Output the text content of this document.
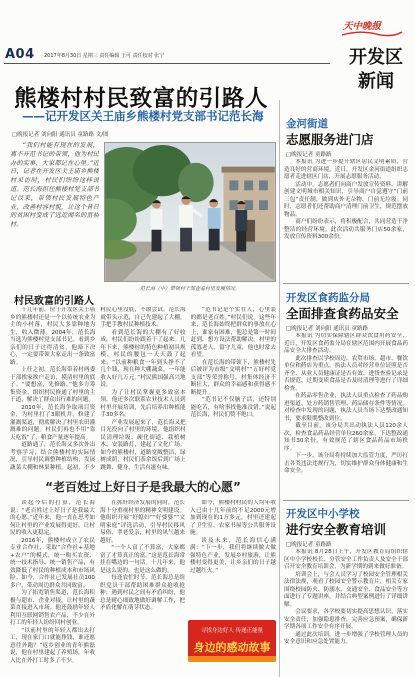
A04 2017年8月30日 星期三 责任编辑 王可 责任校对 张宁
天中晚报
开发区
新闻
熊楼村村民致富的引路人
——记开发区关王庙乡熊楼村党支部书记范长海
□晚报记者 刘向阳 通讯员 童路路 文/图

“我们村能有现在的发展，离不开范书记的带领，他为村民办的实事，大家都记在心里。”近日，记者在开发区关王庙乡熊楼村采访时，村民们纷纷这样说道。范长海担任熊楼村党支部书记以来，带领村民发展特色产业，改善村容村貌，让这个昔日的贫困村变成了远近闻名的富裕村。

范长海（中）带领村干部查看村里发展情况。
村民致富的引路人

十几年前，位于开发区关王庙乡的熊楼村还是一个以传统农业为主的小村落，村民大多靠种地为生，收入微薄。2004年，范长海当选为熊楼村党支部书记。看到乡亲们的日子过得清贫，他暗下决心，一定要带领大家走出一条致富路。

上任之初，范长海带着村两委干部挨家挨户走访，摸清村里的底子。“要想富，先修路。”他多方筹集资金，组织村民修通了村里的主干道，解决了群众出行难的问题。

2010年，范长海争取项目资金，为村里打了3眼机井，修建了灌溉渠道，彻底解决了村里农田灌溉难的问题。村民们再也不用“靠天吃饭”了，粮食产量逐年提高。

道路通了，范长海又多次外出考察学习，结合熊楼村的实际情况，引导村民调整种植结构，发展蔬菜大棚和林果种植。起初，不少村民心里没底，不敢尝试。范长海就带头示范，自己先建起了大棚，手把手教村民种植技术。

看到范长海的大棚有了好收成，村民们纷纷跟着干了起来。几年下来，熊楼村的特色种植初具规模，村民的腰包一天天鼓了起来。“以前种粮食一年到头挣不了几个钱，现在种大棚蔬菜，一年能收入好几万元。”村民熊国强高兴地说。

为了让村民掌握更多致富本领，他还多次联系农业技术人员到村里开展培训，先后培养出种植能手30多名。

产业发展起来了，范长海又把目光投向了村里的环境。他组织村民清理垃圾、硬化街道、栽植树木、安装路灯，建起了文化广场。如今的熊楼村，道路宽敞整洁，绿树成荫，村民们茶余饭后到广场上跳舞、健身，生活有滋有味。

“范书记是个实在人，心里装的都是老百姓。”村民们说。这些年来，范长海始终把群众的事放在心上，谁家有困难，他总是第一时间赶到，想方设法帮助解决。村里的孤寡老人、留守儿童，他也时常去看望。

在范长海的带领下，熊楼村先后被评为市级“文明村”“五好村党支部”等荣誉称号，村集体经济不断壮大，群众的幸福感和获得感不断提升。

“范书记不仅脑子活，还特别能吃苦，有啥事找他准没错。”说起范长海，村民们赞不绝口。

“老百姓过上好日子是我最大的心愿”

谈起今后的打算，范长海说：“老百姓过上好日子是我最大的心愿。”近年来，他一直在思考如何让村里的产业发展得更好，让村民的收入更稳定。

2016年，熊楼村成立了农民专业合作社，采取“合作社+基地+农户”的模式，统一购买农资、统一技术指导、统一销售产品，有效降低了村民的种植成本和市场风险。如今，合作社已发展社员100多户，带动周边群众共同致富。

为了拓宽销售渠道，范长海积极与超市、企业对接，让村里的蔬菜直接进入市场。他还鼓励年轻人利用互联网销售农产品，不少在外打工的年轻人纷纷回村创业。

“以前村里的年轻人都出去打工，现在家门口就能挣钱，谁还愿意往外跑？”返乡创业的青年熊磊说，他在村里建起了养殖场，年收入比在外打工时多了不少。

在抓好经济发展的同时，范长海十分重视村里的精神文明建设。他组织开展“好媳妇”“好婆婆”“文明家庭”评选活动，引导村民移风易俗、孝老爱亲，村里的风气越来越好。

“一个人富了不算富，大家都富了才算真正的富。”这是范长海常挂在嘴边的一句话。十几年来，他是这么说的，也是这么做的。

每逢农忙时节，范长海总是组织党员干部帮助困难群众抢收抢种；遇到村民之间有矛盾纠纷，他总是耐心细致地做好调解工作，把矛盾化解在萌芽状态。

如今，熊楼村村民的人均年收入已由十几年前的不足2000元增加到现在的1万多元，村里还建起了卫生室、农家书屋等公共服务设施。

谈及未来，范长海信心满满：“下一步，我们将继续做大做强特色产业，发展乡村旅游，让熊楼村变得更美，让乡亲们的日子越过越红火。”

寻找身边好人 传递正能量
身边的感动故事
金河街道
志愿服务进门店
□晚报记者 童路路

本报讯 为进一步提升辖区居民文明素质，营造良好的营商环境，近日，开发区金河街道组织志愿者走进辖区门店，开展志愿服务活动。

活动中，志愿者们向商户发放宣传资料，讲解创建文明城市相关知识，引导商户自觉遵守“门前三包”责任制，做到店外无杂物、门前无垃圾。同时，志愿者们还帮助商户清理门前卫生，规范摆放物品。

商户们纷纷表示，将积极配合，共同营造干净整洁的经营环境。此次活动共服务门店50余家，发放宣传资料300余份。

开发区食药监分局
全面排查食药品安全
□晚报记者 刘向阳 通讯员 童路路

本报讯 为切实保障辖区群众饮食用药安全，近日，开发区食药监分局在辖区范围内开展食品药品安全大排查活动。

此次排查以学校周边、农贸市场、超市、餐饮单位和药店为重点，执法人员对经营单位证照是否齐全、从业人员健康证是否有效、进货查验记录是否规范、过期变质食品是否及时清理等进行了详细检查。

在药品零售企业，执法人员重点检查了药品购进渠道、处方药销售管理、药品储存条件等情况。对检查中发现的问题，执法人员当场下达整改通知书，要求限期整改到位。

截至目前，该分局共出动执法人员120余人次，检查食品药品经营单位260余家，下达整改通知书30余份，有效规范了辖区食品药品市场秩序。

下一步，该分局将持续加大监管力度，严厉打击各类违法违规行为，切实维护群众身体健康和生命安全。

开发区中小学校
进行安全教育培训
□晚报记者 童路路

本报讯 8月28日上午，开发区教育局组织辖区中小学校校长、分管安全工作负责人及安全干部召开安全教育培训会，为新学期的到来做好准备。

培训会上，与会人员学习了校园安全管理相关法律法规，观看了校园安全警示教育片，相关专家围绕校园防火、防溺水、交通安全、食品安全等方面进行了专题讲座，并结合典型案例进行了详细讲解。

会议要求，各学校要切实提高思想认识，落实安全责任，加强隐患排查，完善应急预案，确保新学期各项工作安全有序开展。

通过此次培训，进一步增强了学校管理人员的安全意识和应急处置能力。
